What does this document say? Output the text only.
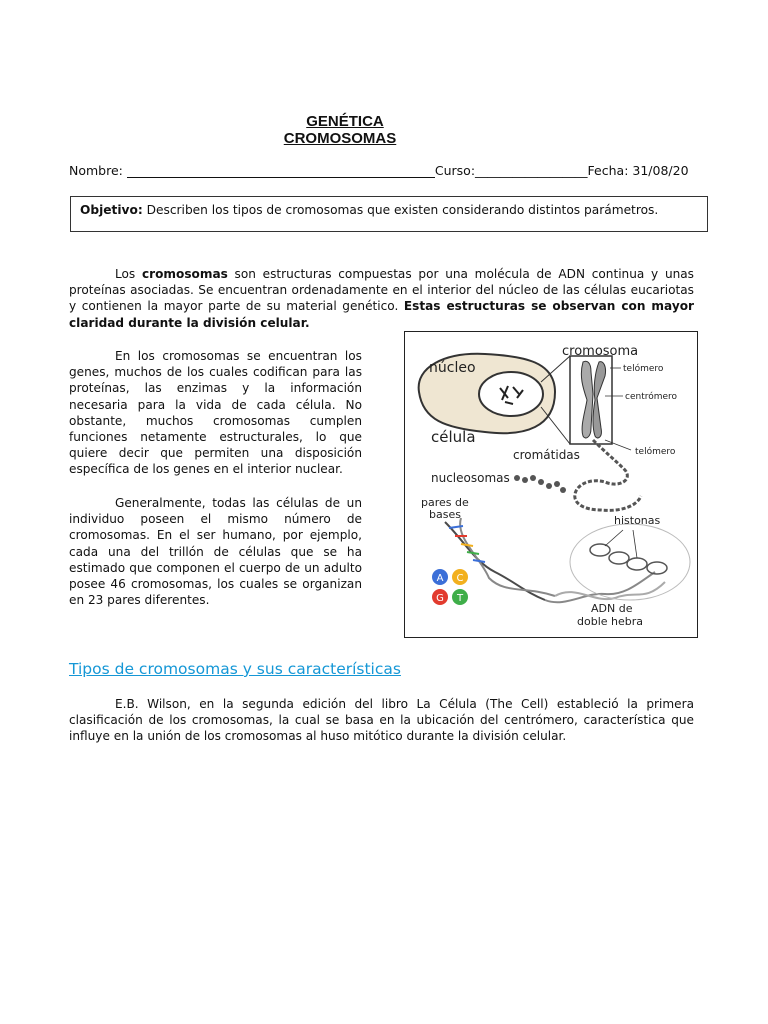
GENÉTICA
CROMOSOMAS
Nombre:	Curso:__________________Fecha: 31/08/20
Objetivo: Describen los tipos de cromosomas que existen considerando distintos parámetros.
Los cromosomas son estructuras compuestas por una molécula de ADN continua y unas proteínas asociadas. Se encuentran ordenadamente en el interior del núcleo de las células eucariotas y contienen la mayor parte de su material genético. Estas estructuras se observan con mayor claridad durante la división celular.
En los cromosomas se encuentran los genes, muchos de los cuales codifican para las proteínas, las enzimas y la información necesaria para la vida de cada célula. No obstante, muchos cromosomas cumplen funciones netamente estructurales, lo que quiere decir que permiten una disposición específica de los genes en el interior nuclear.
Generalmente, todas las células de un individuo poseen el mismo número de cromosomas. En el ser humano, por ejemplo, cada una del trillón de células que se ha estimado que componen el cuerpo de un adulto posee 46 cromosomas, los cuales se organizan en 23 pares diferentes.
A C
G T
núcleo
cromosoma
telómero
centrómero
célula
cromátidas	telómero
nucleosomas
pares de
bases	histonas
ADN de
doble hebra
Tipos de cromosomas y sus características
E.B. Wilson, en la segunda edición del libro La Célula (The Cell) estableció la primera clasificación de los cromosomas, la cual se basa en la ubicación del centrómero, característica que influye en la unión de los cromosomas al huso mitótico durante la división celular.
